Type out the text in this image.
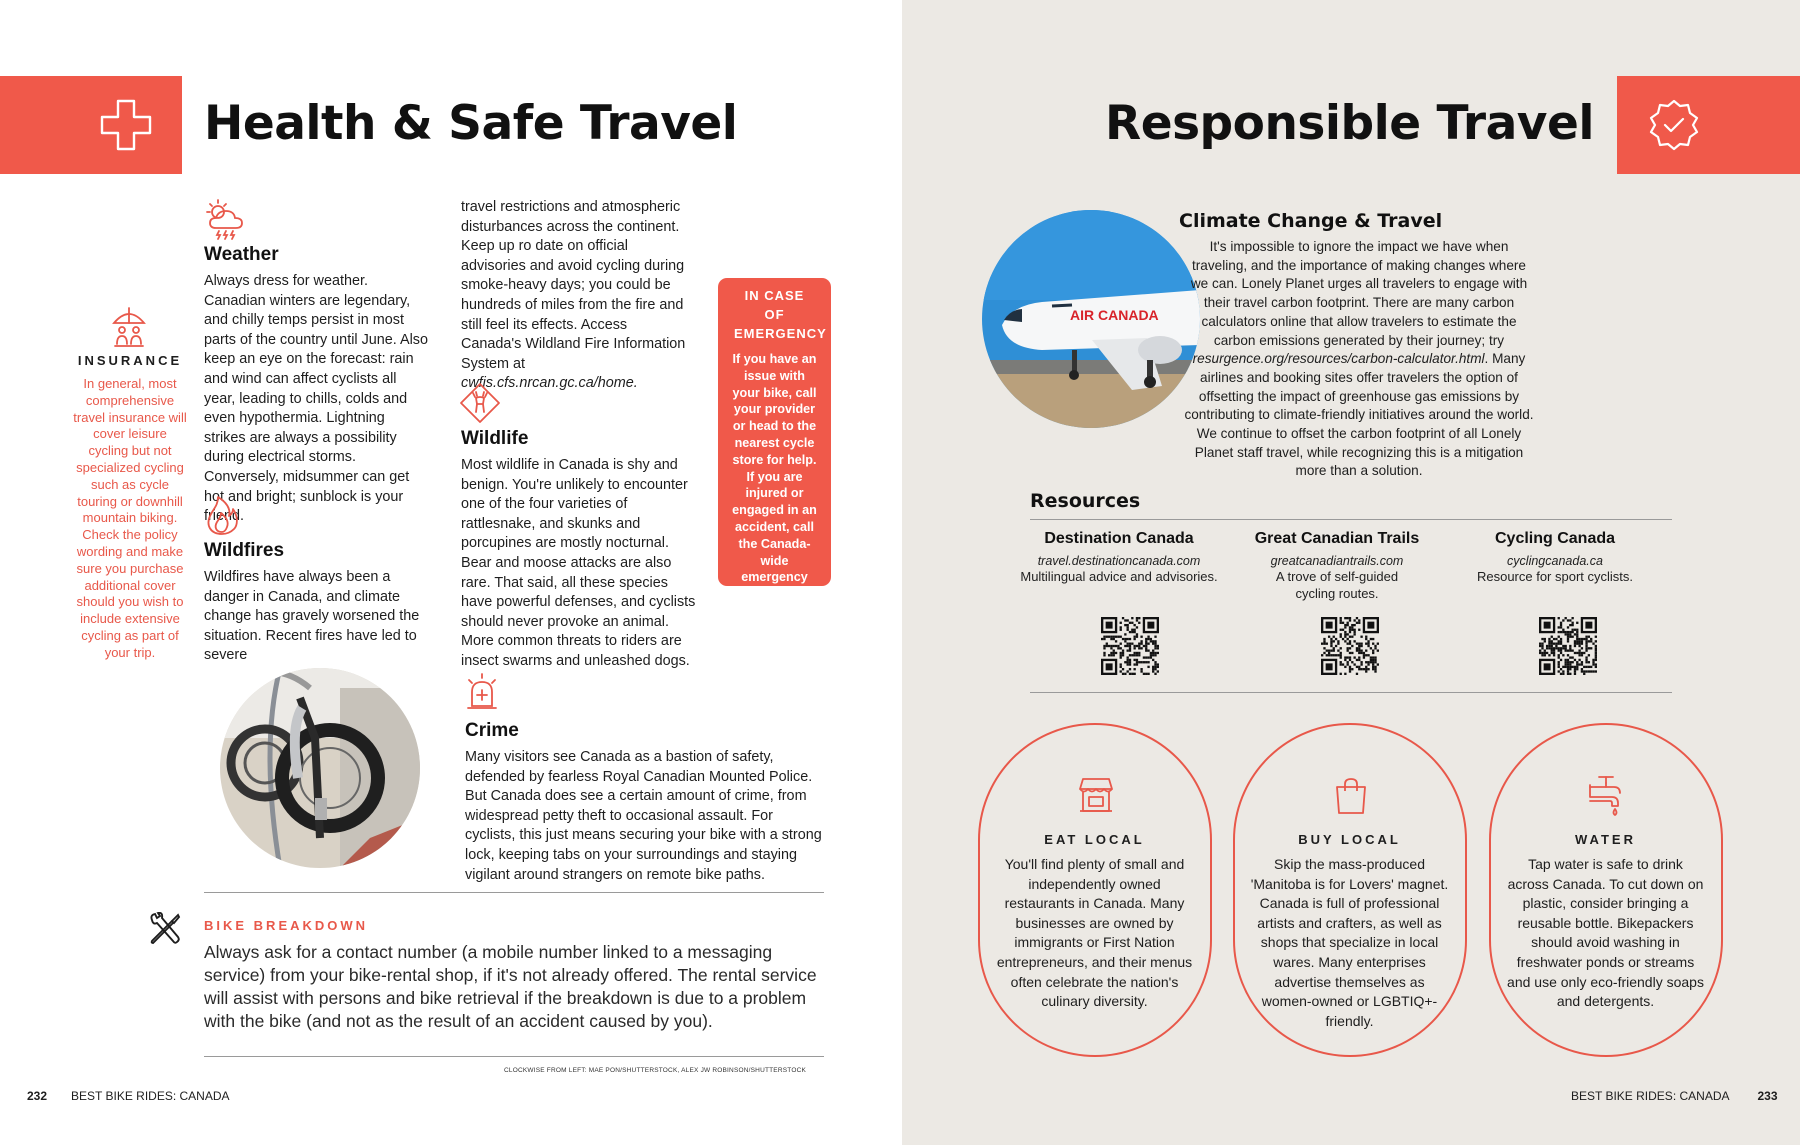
Health & Safe Travel
INSURANCE

In general, most comprehensive travel insurance will cover leisure cycling but not specialized cycling such as cycle touring or downhill mountain biking. Check the policy wording and make sure you purchase additional cover should you wish to include extensive cycling as part of your trip.

Weather

Always dress for weather. Canadian winters are legendary, and chilly temps persist in most parts of the country until June. Also keep an eye on the forecast: rain and wind can affect cyclists all year, leading to chills, colds and even hypothermia. Lightning strikes are always a possibility during electrical storms. Conversely, midsummer can get hot and bright; sunblock is your friend.

Wildfires

Wildfires have always been a danger in Canada, and climate change has gravely worsened the situation. Recent fires have led to severe

travel restrictions and atmospheric disturbances across the continent. Keep up ro date on official advisories and avoid cycling during smoke-heavy days; you could be hundreds of miles from the fire and still feel its effects. Access Canada's Wildland Fire Information System at cwfis.cfs.nrcan.gc.ca/home.

Wildlife

Most wildlife in Canada is shy and benign. You're unlikely to encounter one of the four varieties of rattlesnake, and skunks and porcupines are mostly nocturnal. Bear and moose attacks are also rare. That said, all these species have powerful defenses, and cyclists should never provoke an animal. More common threats to riders are insect swarms and unleashed dogs.

IN CASE OF EMERGENCY

If you have an issue with your bike, call your provider or head to the nearest cycle store for help. If you are injured or engaged in an accident, call the Canada-wide emergency number 911.

Crime

Many visitors see Canada as a bastion of safety, defended by fearless Royal Canadian Mounted Police. But Canada does see a certain amount of crime, from widespread petty theft to occasional assault. For cyclists, this just means securing your bike with a strong lock, keeping tabs on your surroundings and staying vigilant around strangers on remote bike paths.

BIKE BREAKDOWN

Always ask for a contact number (a mobile number linked to a messaging service) from your bike-rental shop, if it's not already offered. The rental service will assist with persons and bike retrieval if the breakdown is due to a problem with the bike (and not as the result of an accident caused by you).

CLOCKWISE FROM LEFT: MAE PON/SHUTTERSTOCK, ALEX JW ROBINSON/SHUTTERSTOCK
232 BEST BIKE RIDES: CANADA
Responsible Travel
AIR CANADA
Climate Change & Travel

It's impossible to ignore the impact we have when traveling, and the importance of making changes where we can. Lonely Planet urges all travelers to engage with their travel carbon footprint. There are many carbon calculators online that allow travelers to estimate the carbon emissions generated by their journey; try resurgence.org/resources/carbon-calculator.html. Many airlines and booking sites offer travelers the option of offsetting the impact of greenhouse gas emissions by contributing to climate-friendly initiatives around the world. We continue to offset the carbon footprint of all Lonely Planet staff travel, while recognizing this is a mitigation more than a solution.

Resources
Destination Canada
travel.destinationcanada.com

Multilingual advice and advisories.

Great Canadian Trails
greatcanadiantrails.com

A trove of self-guided cycling routes.

Cycling Canada
cyclingcanada.ca

Resource for sport cyclists.

EAT LOCAL

You'll find plenty of small and independently owned restaurants in Canada. Many businesses are owned by immigrants or First Nation entrepreneurs, and their menus often celebrate the nation's culinary diversity.

BUY LOCAL

Skip the mass-produced 'Manitoba is for Lovers' magnet. Canada is full of professional artists and crafters, as well as shops that specialize in local wares. Many enterprises advertise themselves as women-owned or LGBTIQ+-friendly.

WATER

Tap water is safe to drink across Canada. To cut down on plastic, consider bringing a reusable bottle. Bikepackers should avoid washing in freshwater ponds or streams and use only eco-friendly soaps and detergents.

BEST BIKE RIDES: CANADA 233
